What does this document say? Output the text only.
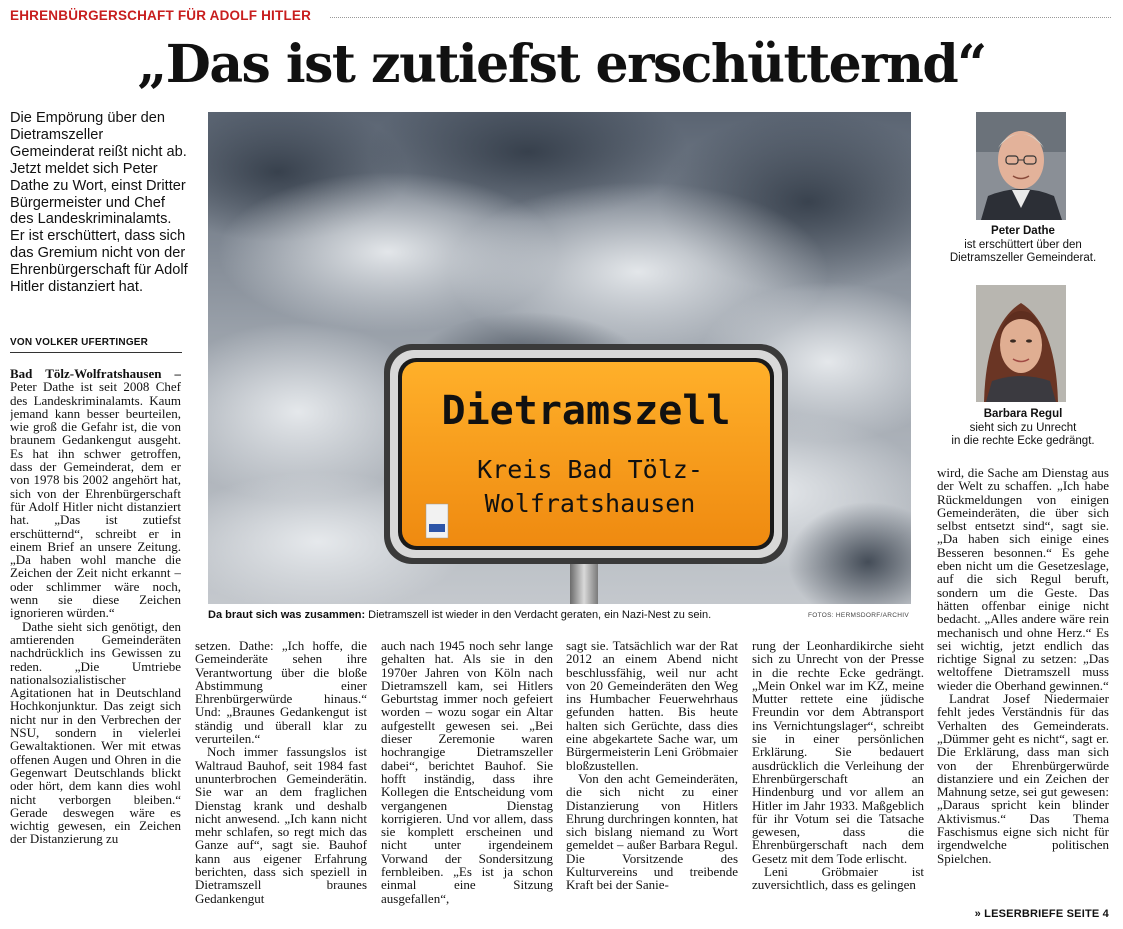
EHRENBÜRGERSCHAFT FÜR ADOLF HITLER
„Das ist zutiefst erschütternd“
Die Empörung über den Dietramszeller Gemeinderat reißt nicht ab. Jetzt meldet sich Peter Dathe zu Wort, einst Dritter Bürgermeister und Chef des Landeskriminalamts. Er ist erschüttert, dass sich das Gremium nicht von der Ehrenbürgerschaft für Adolf Hitler distanziert hat.
VON VOLKER UFERTINGER
Dietramszell
Kreis Bad Tölz-
Wolfratshausen
Da braut sich was zusammen: Dietramszell ist wieder in den Verdacht geraten, ein Nazi-Nest zu sein.	FOTOS: HERMSDORF/ARCHIV
Peter Dathe
ist erschüttert über den
Dietramszeller Gemeinderat.
Barbara Regul
sieht sich zu Unrecht
in die rechte Ecke gedrängt.

Bad Tölz-Wolfratshausen – Peter Dathe ist seit 2008 Chef des Landeskriminalamts. Kaum jemand kann besser beurteilen, wie groß die Gefahr ist, die von braunem Gedankengut ausgeht. Es hat ihn schwer getroffen, dass der Gemeinderat, dem er von 1978 bis 2002 angehört hat, sich von der Ehrenbürgerschaft für Adolf Hitler nicht distanziert hat. „Das ist zutiefst erschütternd“, schreibt er in einem Brief an unsere Zeitung. „Da haben wohl manche die Zeichen der Zeit nicht erkannt – oder schlimmer wäre noch, wenn sie diese Zeichen ignorieren würden.“

Dathe sieht sich genötigt, den amtierenden Gemeinderäten nachdrücklich ins Gewissen zu reden. „Die Umtriebe nationalsozialistischer Agitationen hat in Deutschland Hochkonjunktur. Das zeigt sich nicht nur in den Verbrechen der NSU, sondern in vielerlei Gewaltaktionen. Wer mit etwas offenen Augen und Ohren in die Gegenwart Deutschlands blickt oder hört, dem kann dies wohl nicht verborgen bleiben.“ Gerade deswegen wäre es wichtig gewesen, ein Zeichen der Distanzierung zu

setzen. Dathe: „Ich hoffe, die Gemeinderäte sehen ihre Verantwortung über die bloße Abstimmung einer Ehrenbürgerwürde hinaus.“ Und: „Braunes Gedankengut ist ständig und überall klar zu verurteilen.“

Noch immer fassungslos ist Waltraud Bauhof, seit 1984 fast ununterbrochen Gemeinderätin. Sie war an dem fraglichen Dienstag krank und deshalb nicht anwesend. „Ich kann nicht mehr schlafen, so regt mich das Ganze auf“, sagt sie. Bauhof kann aus eigener Erfahrung berichten, dass sich speziell in Dietramszell braunes Gedankengut

auch nach 1945 noch sehr lange gehalten hat. Als sie in den 1970er Jahren von Köln nach Dietramszell kam, sei Hitlers Geburtstag immer noch gefeiert worden – wozu sogar ein Altar aufgestellt gewesen sei. „Bei dieser Zeremonie waren hochrangige Dietramszeller dabei“, berichtet Bauhof. Sie hofft inständig, dass ihre Kollegen die Entscheidung vom vergangenen Dienstag korrigieren. Und vor allem, dass sie komplett erscheinen und nicht unter irgendeinem Vorwand der Sondersitzung fernbleiben. „Es ist ja schon einmal eine Sitzung ausgefallen“,

sagt sie. Tatsächlich war der Rat 2012 an einem Abend nicht beschlussfähig, weil nur acht von 20 Gemeinderäten den Weg ins Humbacher Feuerwehrhaus gefunden hatten. Bis heute halten sich Gerüchte, dass dies eine abgekartete Sache war, um Bürgermeisterin Leni Gröbmaier bloßzustellen.

Von den acht Gemeinderäten, die sich nicht zu einer Distanzierung von Hitlers Ehrung durchringen konnten, hat sich bislang niemand zu Wort gemeldet – außer Barbara Regul. Die Vorsitzende des Kulturvereins und treibende Kraft bei der Sanie-

rung der Leonhardikirche sieht sich zu Unrecht von der Presse in die rechte Ecke gedrängt. „Mein Onkel war im KZ, meine Mutter rettete eine jüdische Freundin vor dem Abtransport ins Vernichtungslager“, schreibt sie in einer persönlichen Erklärung. Sie bedauert ausdrücklich die Verleihung der Ehrenbürgerschaft an Hindenburg und vor allem an Hitler im Jahr 1933. Maßgeblich für ihr Votum sei die Tatsache gewesen, dass die Ehrenbürgerschaft nach dem Gesetz mit dem Tode erlischt.

Leni Gröbmaier ist zuversichtlich, dass es gelingen

wird, die Sache am Dienstag aus der Welt zu schaffen. „Ich habe Rückmeldungen von einigen Gemeinderäten, die über sich selbst entsetzt sind“, sagt sie. „Da haben sich einige eines Besseren besonnen.“ Es gehe eben nicht um die Gesetzeslage, auf die sich Regul beruft, sondern um die Geste. Das hätten offenbar einige nicht bedacht. „Alles andere wäre rein mechanisch und ohne Herz.“ Es sei wichtig, jetzt endlich das richtige Signal zu setzen: „Das weltoffene Dietramszell muss wieder die Oberhand gewinnen.“

Landrat Josef Niedermaier fehlt jedes Verständnis für das Verhalten des Gemeinderats. „Dümmer geht es nicht“, sagt er. Die Erklärung, dass man sich von der Ehrenbürgerwürde distanziere und ein Zeichen der Mahnung setze, sei gut gewesen: „Daraus spricht kein blinder Aktivismus.“ Das Thema Faschismus eigne sich nicht für irgendwelche politischen Spielchen.

» LESERBRIEFE SEITE 4
